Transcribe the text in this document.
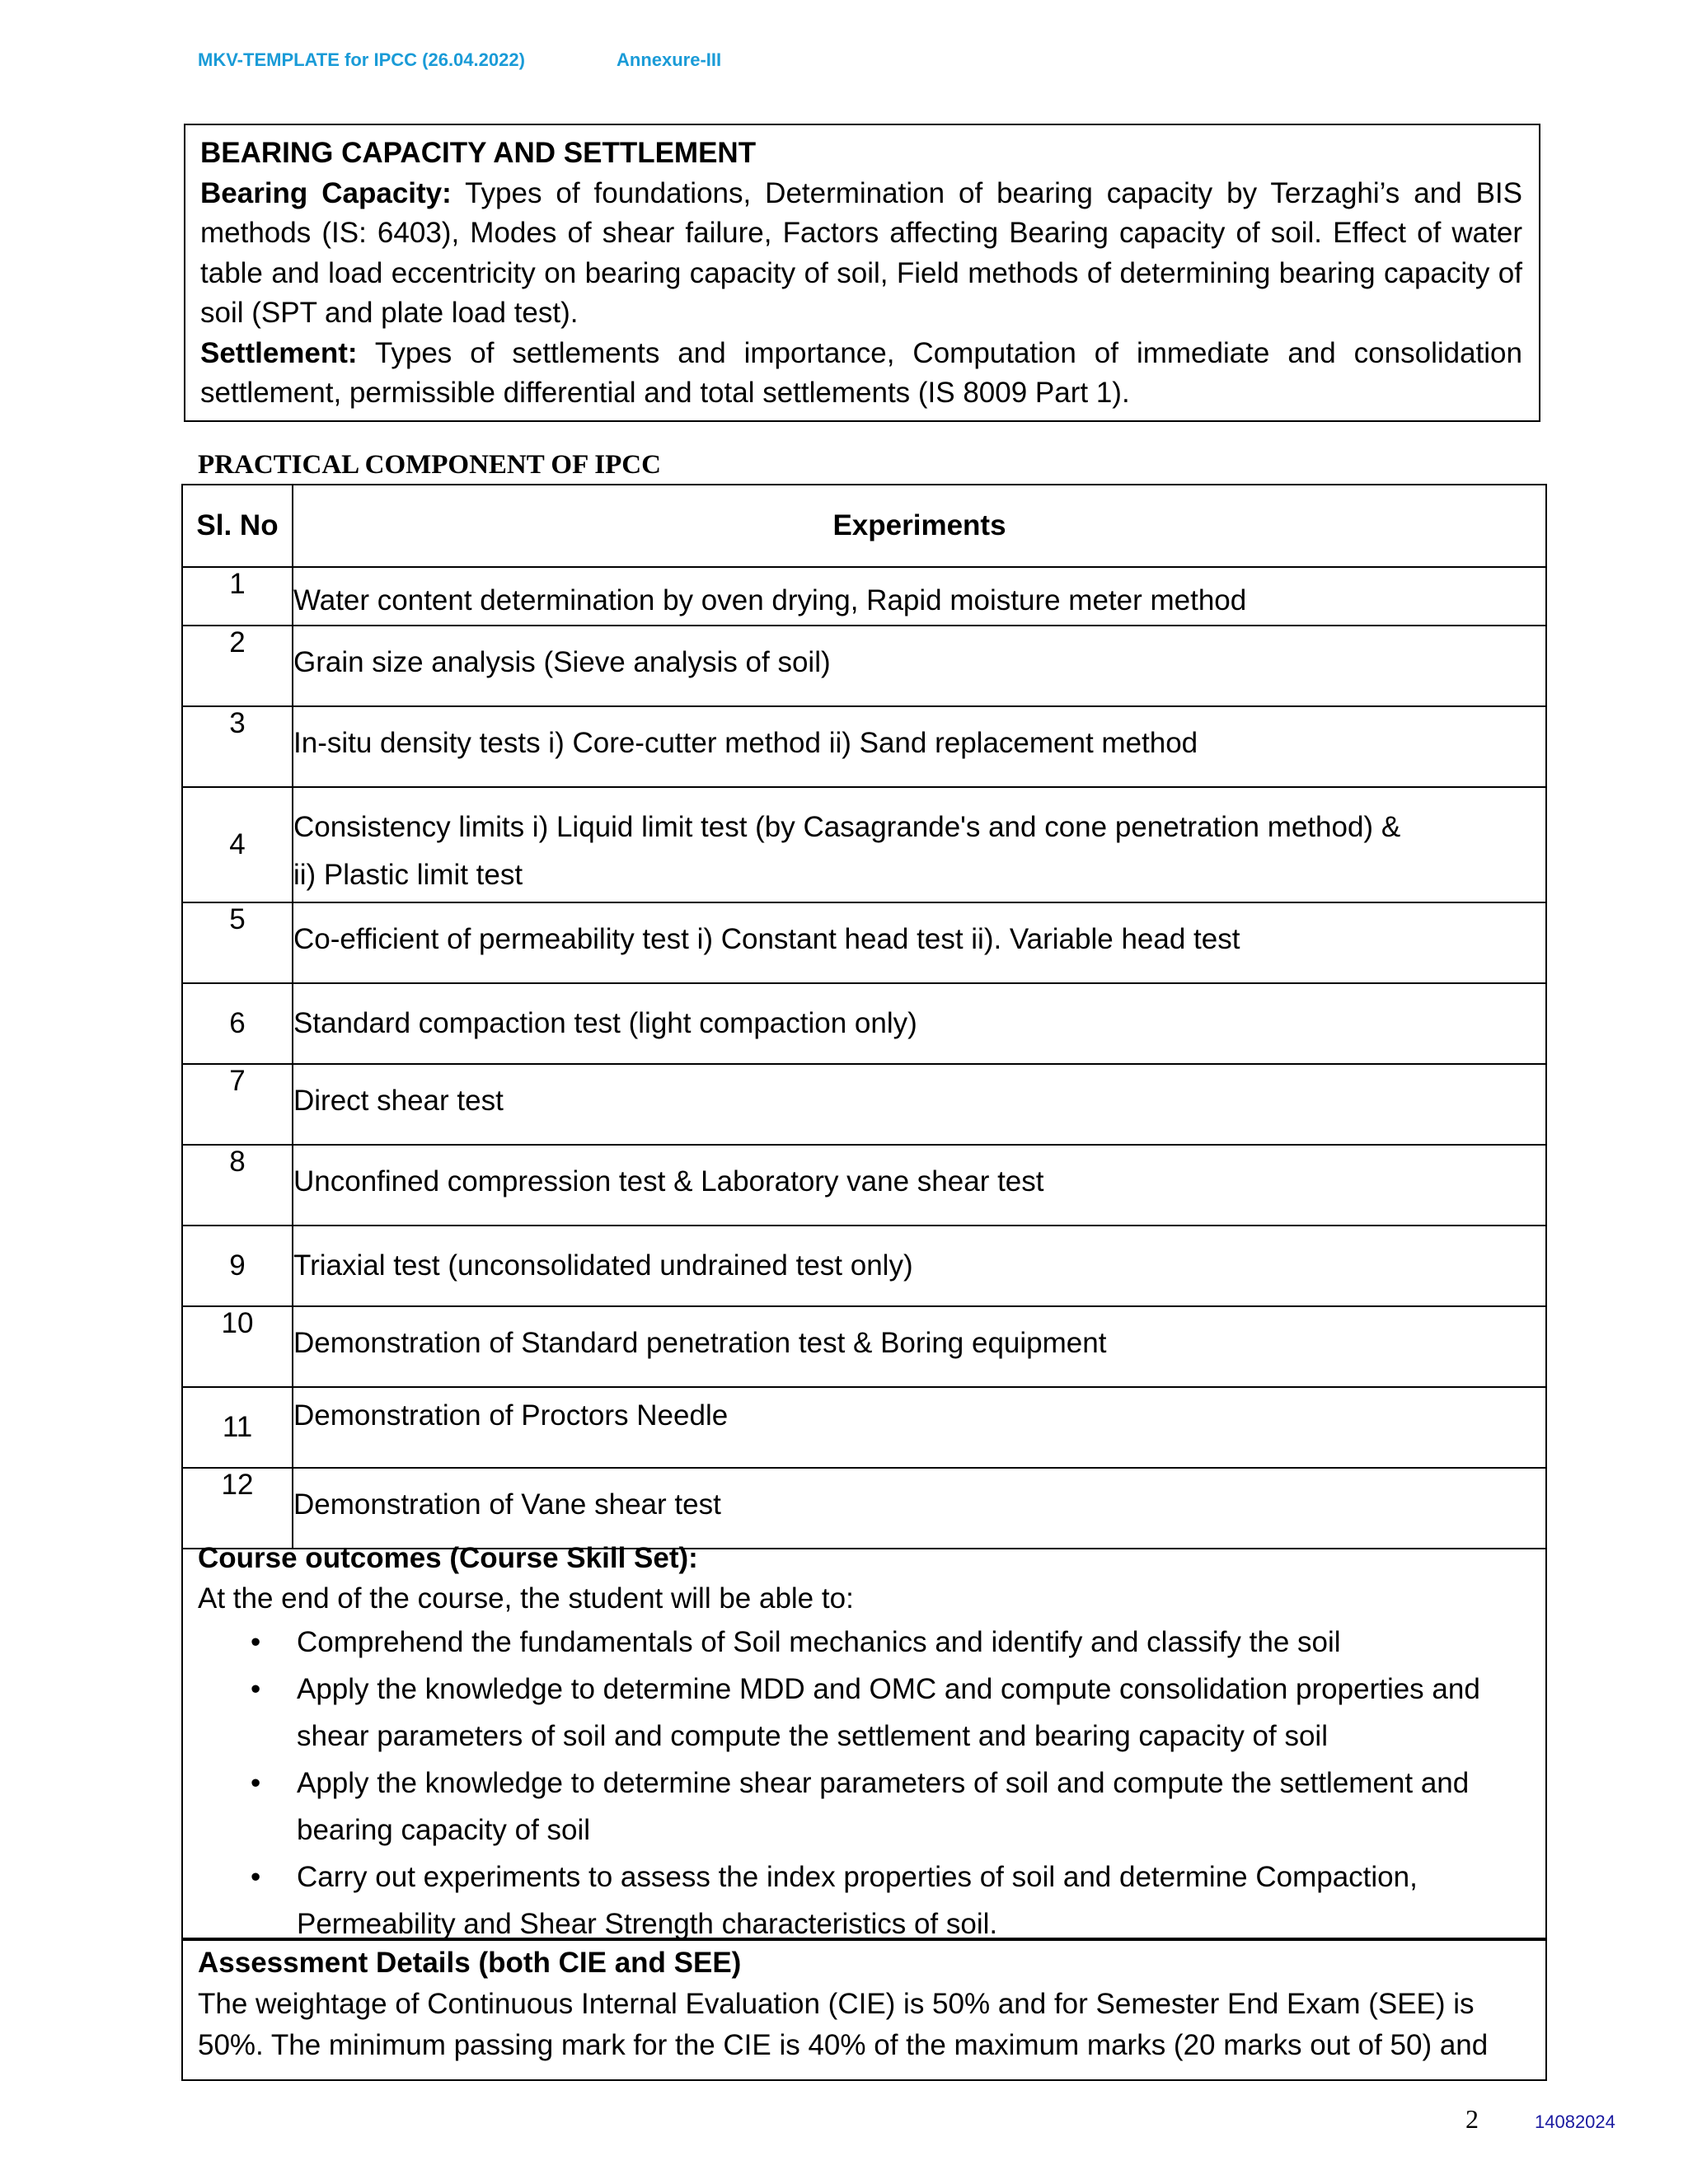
MKV-TEMPLATE for IPCC (26.04.2022)	Annexure-III
BEARING CAPACITY AND SETTLEMENT

Bearing Capacity: Types of foundations, Determination of bearing capacity by Terzaghi’s and BIS methods (IS: 6403), Modes of shear failure, Factors affecting Bearing capacity of soil. Effect of water table and load eccentricity on bearing capacity of soil, Field methods of determining bearing capacity of soil (SPT and plate load test).

Settlement: Types of settlements and importance, Computation of immediate and consolidation settlement, permissible differential and total settlements (IS 8009 Part 1).

PRACTICAL COMPONENT OF IPCC
Sl. No	Experiments
1	Water content determination by oven drying, Rapid moisture meter method

2	Grain size analysis (Sieve analysis of soil)

3	In-situ density tests i) Core-cutter method ii) Sand replacement method

4	Consistency limits i) Liquid limit test (by Casagrande's and cone penetration method) &
ii) Plastic limit test

5	Co-efficient of permeability test i) Constant head test ii). Variable head test

6	Standard compaction test (light compaction only)

7	Direct shear test

8	Unconfined compression test & Laboratory vane shear test

9	Triaxial test (unconsolidated undrained test only)

10	Demonstration of Standard penetration test & Boring equipment

11	Demonstration of Proctors Needle

12	Demonstration of Vane shear test
Course outcomes (Course Skill Set):
At the end of the course, the student will be able to:
• Comprehend the fundamentals of Soil mechanics and identify and classify the soil
• Apply the knowledge to determine MDD and OMC and compute consolidation properties and shear parameters of soil and compute the settlement and bearing capacity of soil
• Apply the knowledge to determine shear parameters of soil and compute the settlement and bearing capacity of soil
• Carry out experiments to assess the index properties of soil and determine Compaction, Permeability and Shear Strength characteristics of soil.
Assessment Details (both CIE and SEE)
The weightage of Continuous Internal Evaluation (CIE) is 50% and for Semester End Exam (SEE) is 50%. The minimum passing mark for the CIE is 40% of the maximum marks (20 marks out of 50) and
2	14082024
